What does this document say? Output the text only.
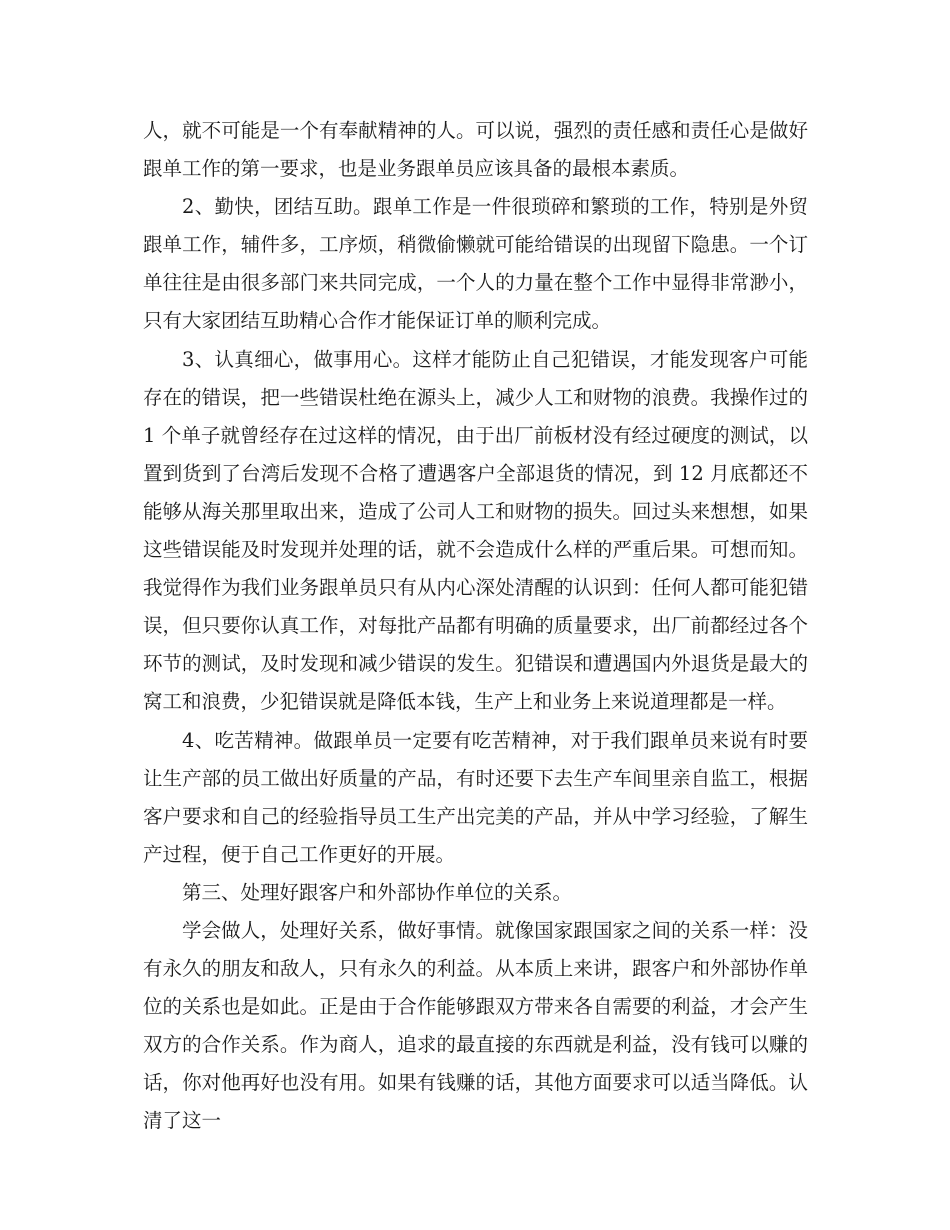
人，就不可能是一个有奉献精神的人。可以说，强烈的责任感和责任心是做好跟单工作的第一要求，也是业务跟单员应该具备的最根本素质。

2、勤快，团结互助。跟单工作是一件很琐碎和繁琐的工作，特别是外贸跟单工作，辅件多，工序烦，稍微偷懒就可能给错误的出现留下隐患。一个订单往往是由很多部门来共同完成，一个人的力量在整个工作中显得非常渺小，只有大家团结互助精心合作才能保证订单的顺利完成。

3、认真细心，做事用心。这样才能防止自己犯错误，才能发现客户可能存在的错误，把一些错误杜绝在源头上，减少人工和财物的浪费。我操作过的 1 个单子就曾经存在过这样的情况，由于出厂前板材没有经过硬度的测试，以置到货到了台湾后发现不合格了遭遇客户全部退货的情况，到 12 月底都还不能够从海关那里取出来，造成了公司人工和财物的损失。回过头来想想，如果这些错误能及时发现并处理的话，就不会造成什么样的严重后果。可想而知。我觉得作为我们业务跟单员只有从内心深处清醒的认识到：任何人都可能犯错误，但只要你认真工作，对每批产品都有明确的质量要求，出厂前都经过各个环节的测试，及时发现和减少错误的发生。犯错误和遭遇国内外退货是最大的窝工和浪费，少犯错误就是降低本钱，生产上和业务上来说道理都是一样。

4、吃苦精神。做跟单员一定要有吃苦精神，对于我们跟单员来说有时要让生产部的员工做出好质量的产品，有时还要下去生产车间里亲自监工，根据客户要求和自己的经验指导员工生产出完美的产品，并从中学习经验，了解生产过程，便于自己工作更好的开展。

第三、处理好跟客户和外部协作单位的关系。

学会做人，处理好关系，做好事情。就像国家跟国家之间的关系一样：没有永久的朋友和敌人，只有永久的利益。从本质上来讲，跟客户和外部协作单位的关系也是如此。正是由于合作能够跟双方带来各自需要的利益，才会产生双方的合作关系。作为商人，追求的最直接的东西就是利益，没有钱可以赚的话，你对他再好也没有用。如果有钱赚的话，其他方面要求可以适当降低。认清了这一
